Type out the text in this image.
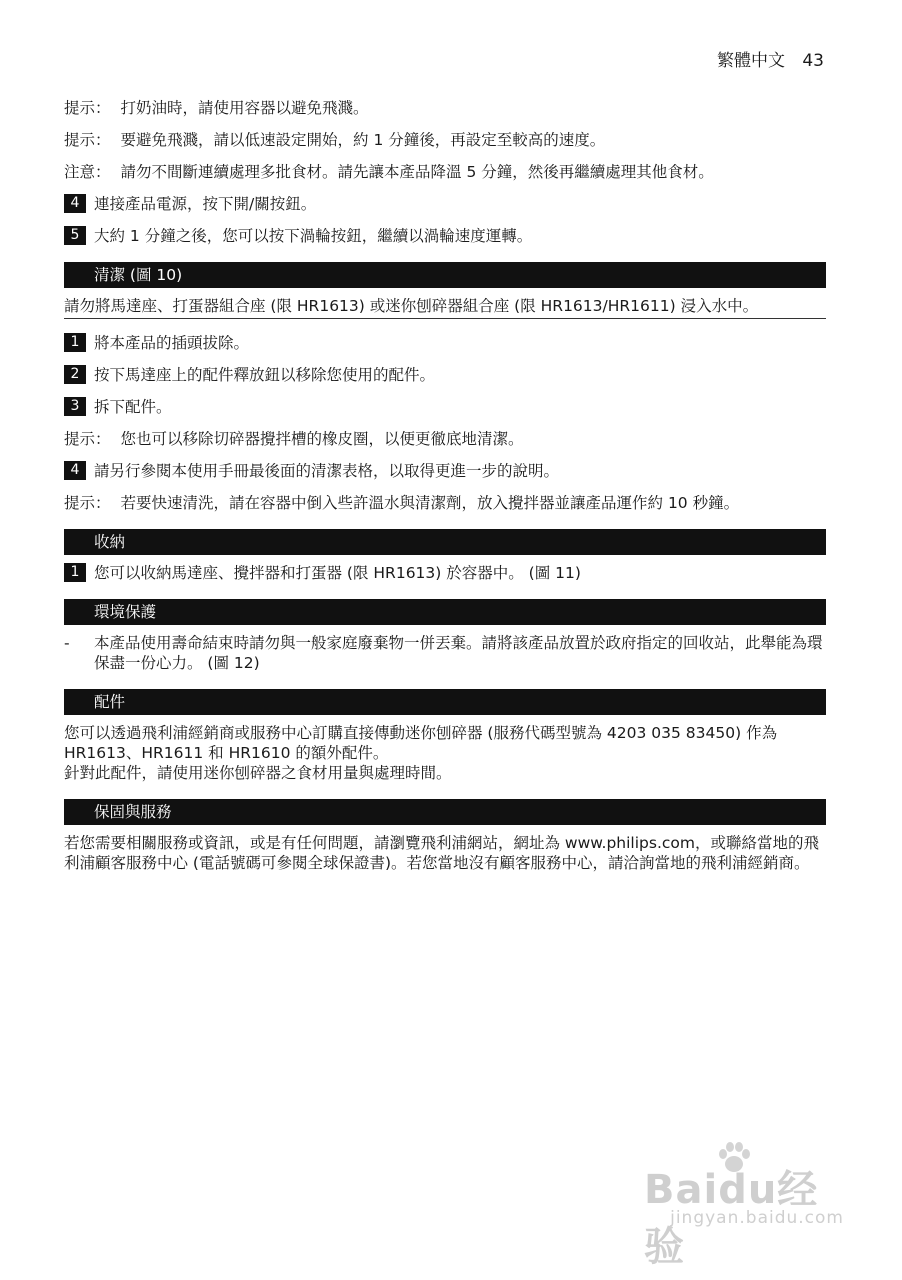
繁體中文 43
提示： 打奶油時，請使用容器以避免飛濺。
提示： 要避免飛濺，請以低速設定開始，約 1 分鐘後，再設定至較高的速度。
注意： 請勿不間斷連續處理多批食材。請先讓本產品降溫 5 分鐘，然後再繼續處理其他食材。
4 連接產品電源，按下開/關按鈕。
5 大約 1 分鐘之後，您可以按下渦輪按鈕，繼續以渦輪速度運轉。
清潔 (圖 10)
請勿將馬達座、打蛋器組合座 (限 HR1613) 或迷你刨碎器組合座 (限 HR1613/HR1611) 浸入水中。
1 將本產品的插頭拔除。
2 按下馬達座上的配件釋放鈕以移除您使用的配件。
3 拆下配件。
提示： 您也可以移除切碎器攪拌槽的橡皮圈，以便更徹底地清潔。
4 請另行參閱本使用手冊最後面的清潔表格，以取得更進一步的說明。
提示： 若要快速清洗，請在容器中倒入些許溫水與清潔劑，放入攪拌器並讓產品運作約 10 秒鐘。
收納
1 您可以收納馬達座、攪拌器和打蛋器 (限 HR1613) 於容器中。 (圖 11)
環境保護
-	本產品使用壽命結束時請勿與一般家庭廢棄物一併丟棄。請將該產品放置於政府指定的回收站，此舉能為環保盡一份心力。 (圖 12)
配件
您可以透過飛利浦經銷商或服務中心訂購直接傳動迷你刨碎器 (服務代碼型號為 4203 035 83450) 作為 HR1613、HR1611 和 HR1610 的額外配件。
針對此配件，請使用迷你刨碎器之食材用量與處理時間。
保固與服務
若您需要相關服務或資訊，或是有任何問題，請瀏覽飛利浦網站，網址為 www.philips.com，或聯絡當地的飛利浦顧客服務中心 (電話號碼可參閱全球保證書)。若您當地沒有顧客服務中心，請洽詢當地的飛利浦經銷商。
Baidu经验
jingyan.baidu.com
